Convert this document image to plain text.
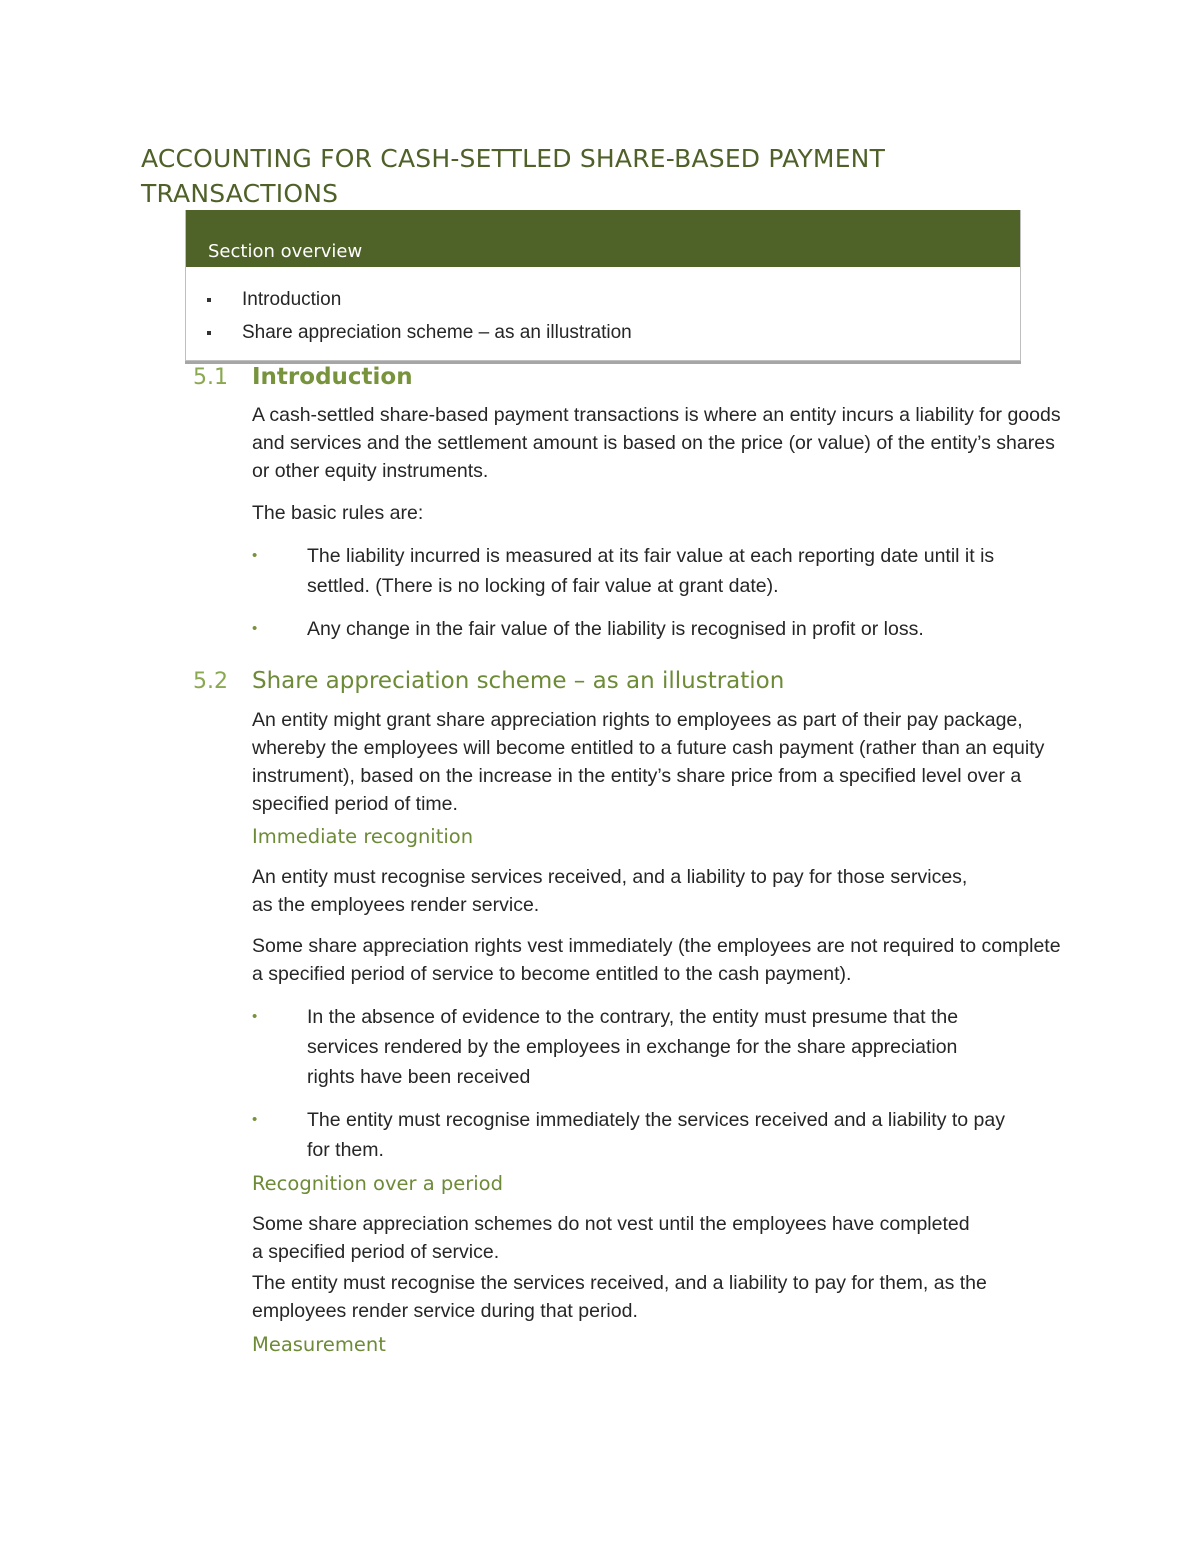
ACCOUNTING FOR CASH-SETTLED SHARE-BASED PAYMENT TRANSACTIONS
Section overview
Introduction
Share appreciation scheme – as an illustration
5.1 Introduction
A cash-settled share-based payment transactions is where an entity incurs a liability for goods and services and the settlement amount is based on the price (or value) of the entity’s shares or other equity instruments.
The basic rules are:
•	The liability incurred is measured at its fair value at each reporting date until it is settled. (There is no locking of fair value at grant date).
•	Any change in the fair value of the liability is recognised in profit or loss.
5.2 Share appreciation scheme – as an illustration
An entity might grant share appreciation rights to employees as part of their pay package, whereby the employees will become entitled to a future cash payment (rather than an equity instrument), based on the increase in the entity’s share price from a specified level over a specified period of time.
Immediate recognition
An entity must recognise services received, and a liability to pay for those services, as the employees render service.
Some share appreciation rights vest immediately (the employees are not required to complete a specified period of service to become entitled to the cash payment).
•	In the absence of evidence to the contrary, the entity must presume that the services rendered by the employees in exchange for the share appreciation rights have been received
•	The entity must recognise immediately the services received and a liability to pay for them.
Recognition over a period
Some share appreciation schemes do not vest until the employees have completed a specified period of service.
The entity must recognise the services received, and a liability to pay for them, as the employees render service during that period.
Measurement
